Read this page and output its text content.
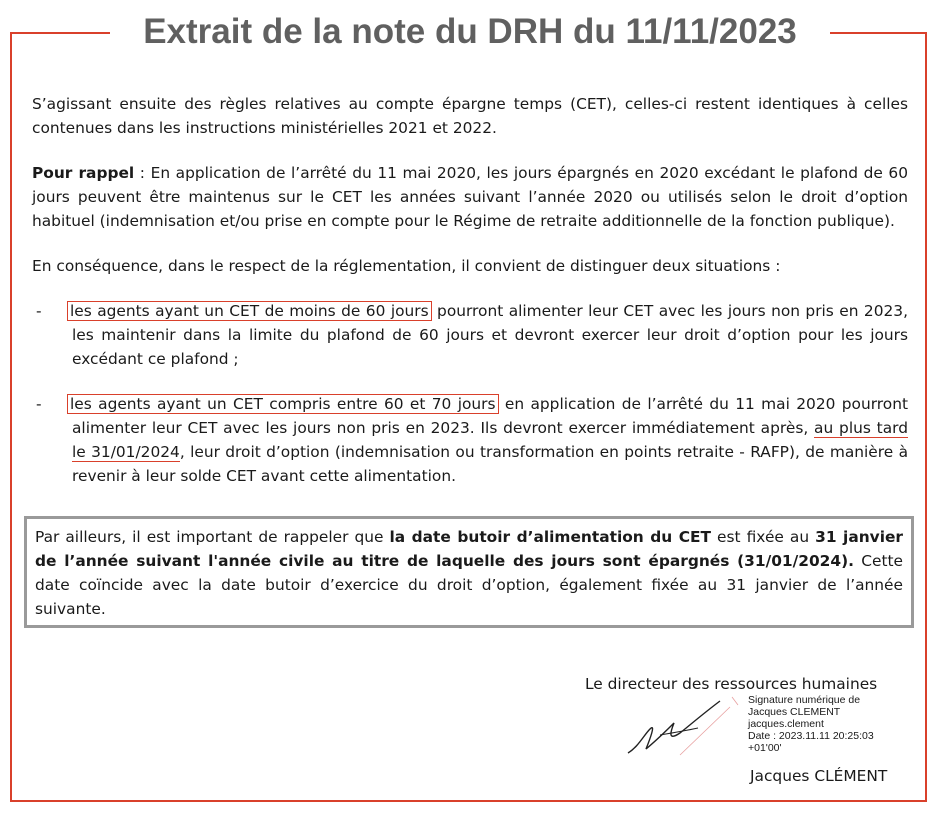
Extrait de la note du DRH du 11/11/2023

S’agissant ensuite des règles relatives au compte épargne temps (CET), celles-ci restent identiques à celles contenues dans les instructions ministérielles 2021 et 2022.

Pour rappel : En application de l’arrêté du 11 mai 2020, les jours épargnés en 2020 excédant le plafond de 60 jours peuvent être maintenus sur le CET les années suivant l’année 2020 ou utilisés selon le droit d’option habituel (indemnisation et/ou prise en compte pour le Régime de retraite additionnelle de la fonction publique).

En conséquence, dans le respect de la réglementation, il convient de distinguer deux situations :

- les agents ayant un CET de moins de 60 jours pourront alimenter leur CET avec les jours non pris en 2023, les maintenir dans la limite du plafond de 60 jours et devront exercer leur droit d’option pour les jours excédant ce plafond ;
- les agents ayant un CET compris entre 60 et 70 jours en application de l’arrêté du 11 mai 2020 pourront alimenter leur CET avec les jours non pris en 2023. Ils devront exercer immédiatement après, au plus tard le 31/01/2024, leur droit d’option (indemnisation ou transformation en points retraite - RAFP), de manière à revenir à leur solde CET avant cette alimentation.
Par ailleurs, il est important de rappeler que la date butoir d’alimentation du CET est fixée au 31 janvier de l’année suivant l'année civile au titre de laquelle des jours sont épargnés (31/01/2024). Cette date coïncide avec la date butoir d’exercice du droit d’option, également fixée au 31 janvier de l’année suivante.
Le directeur des ressources humaines
Signature numérique de
Jacques CLEMENT
jacques.clement
Date : 2023.11.11 20:25:03
+01'00'
Jacques CLÉMENT
